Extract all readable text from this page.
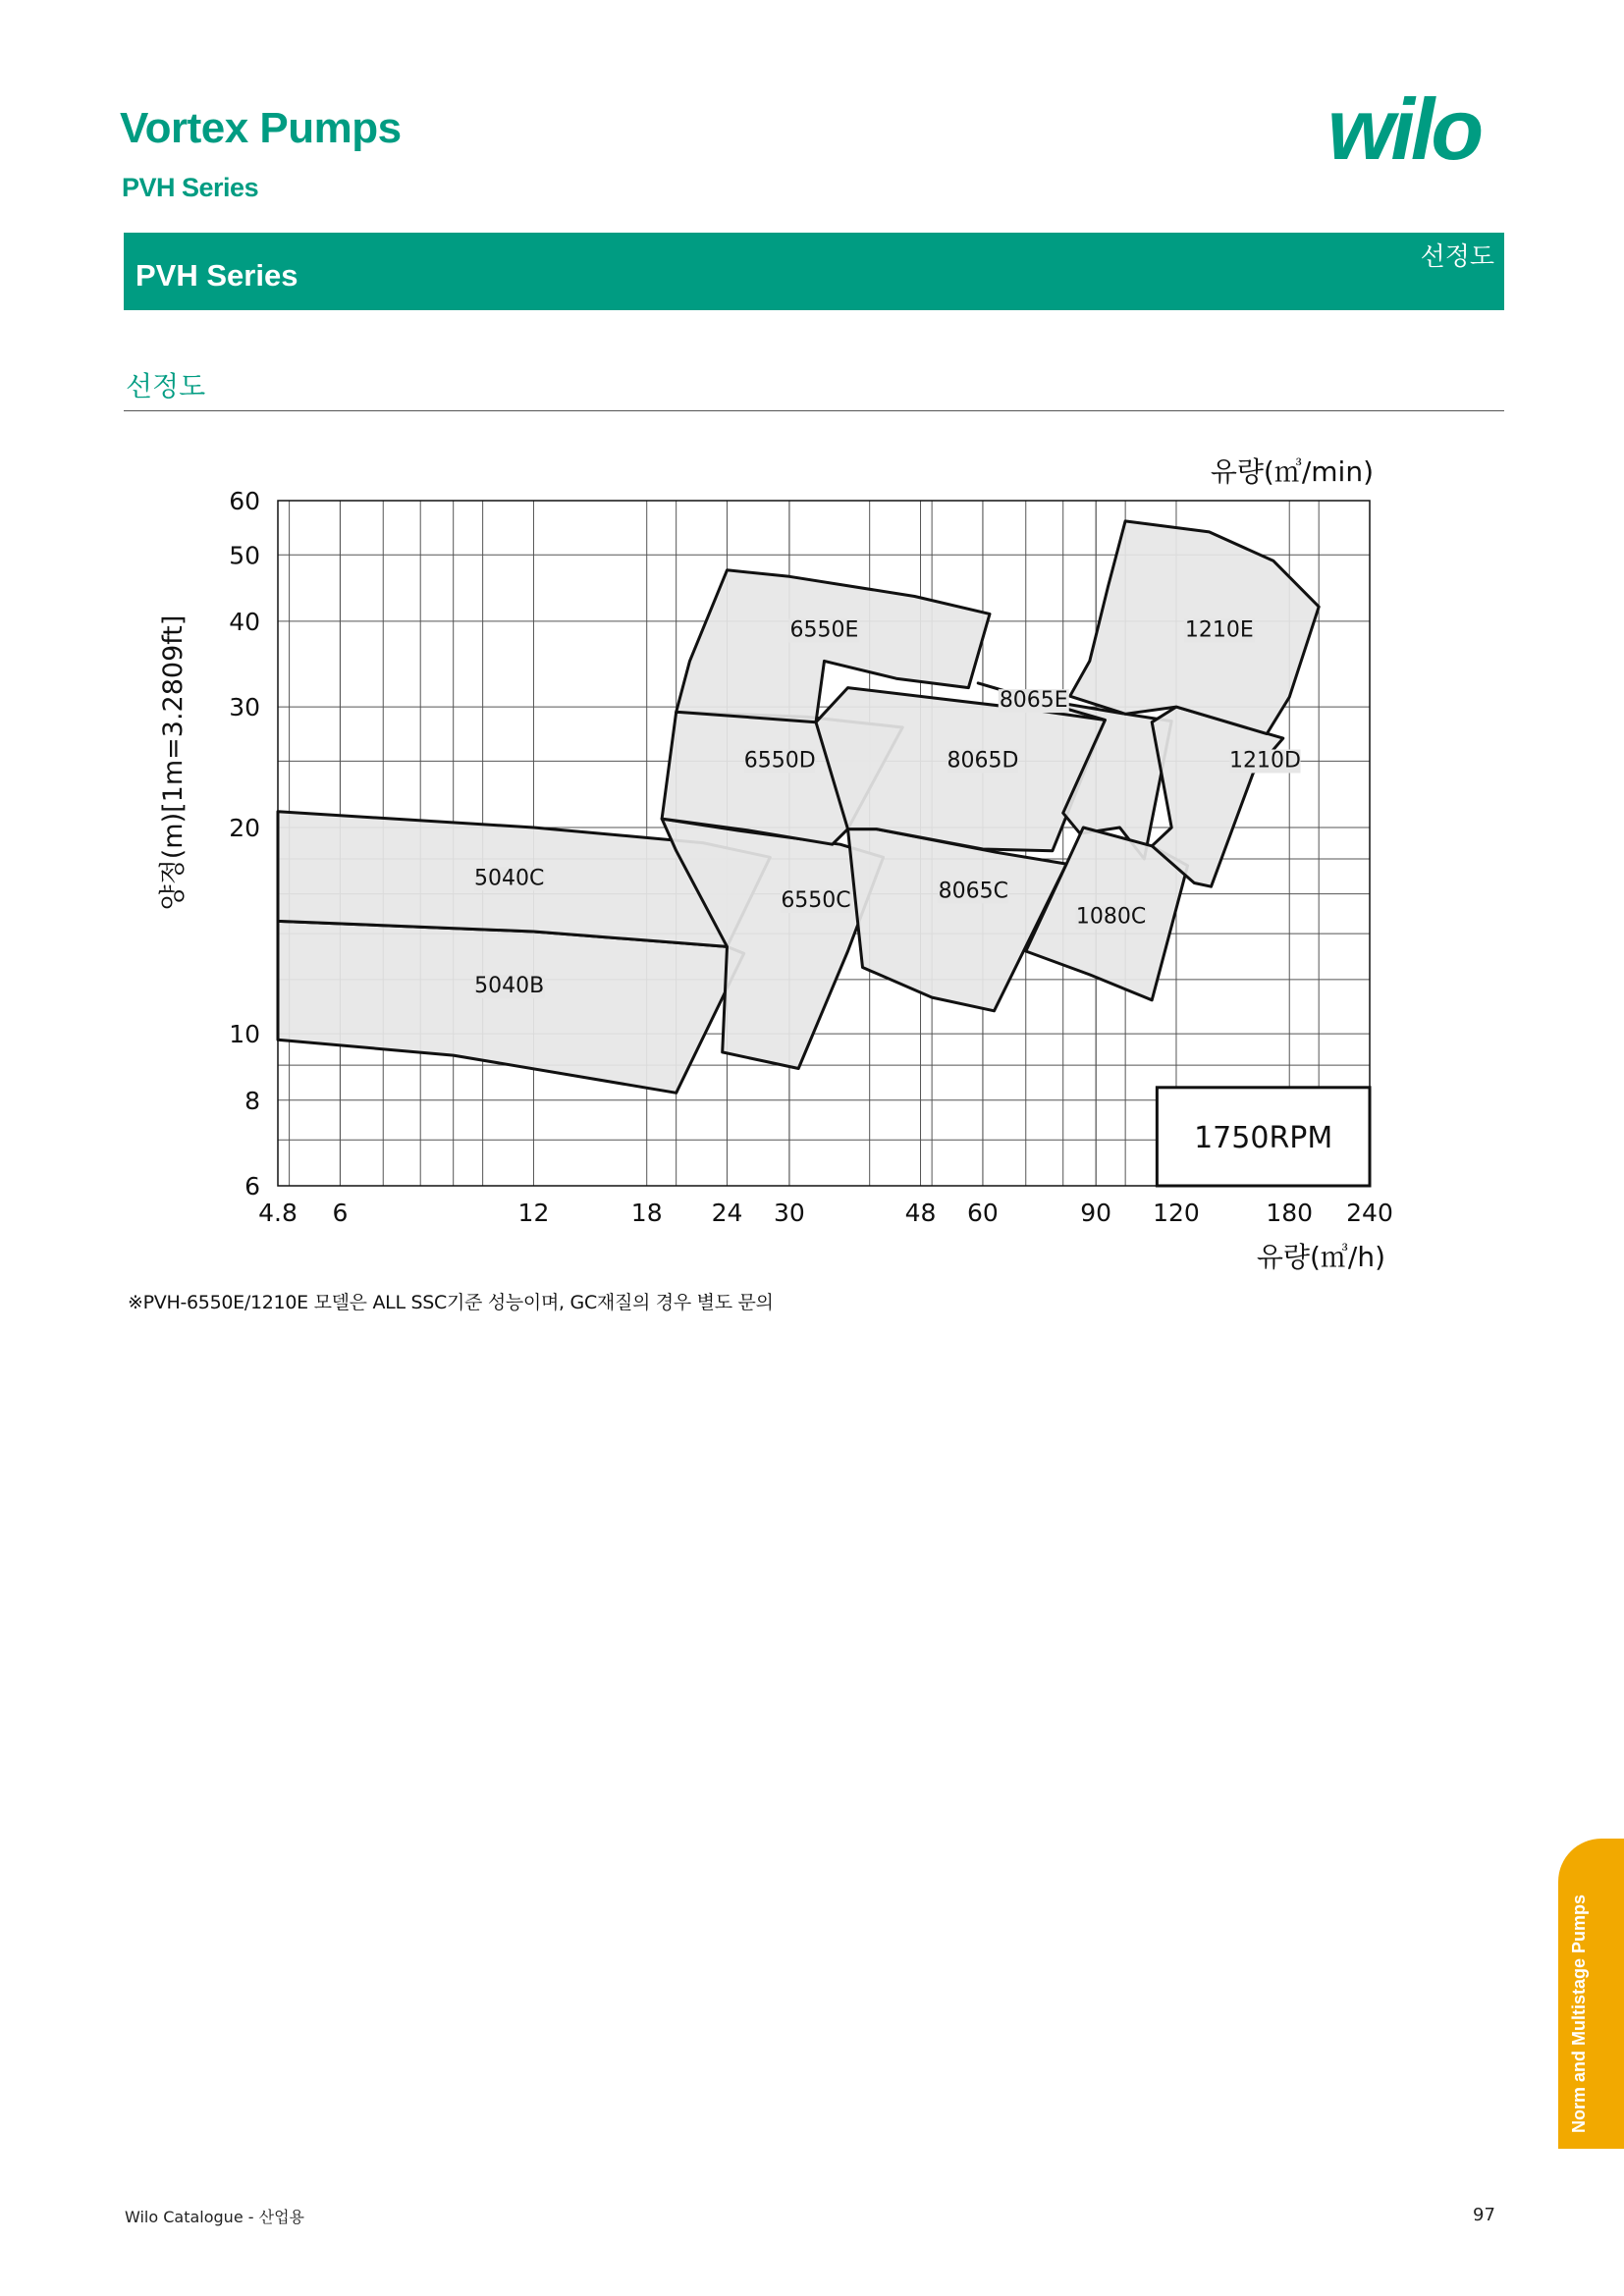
Vortex Pumps
PVH Series
wilo
PVH Series
선정도
선정도
5040B
5040C
6550C
6550D
6550E
8065C
8065D
8065E
1080C
1210D
1210E
4.8 6	12	18 24 30	48 60	90 120	180 240
6
8
10
20
30
40
50
60
유량(㎥/h)
유량(㎥/min)
양정(m)[1m=3.2809ft]
1750RPM
※PVH-6550E/1210E 모델은 ALL SSC기준 성능이며, GC재질의 경우 별도 문의
Norm and Multistage Pumps
Wilo Catalogue - 산업용	97
